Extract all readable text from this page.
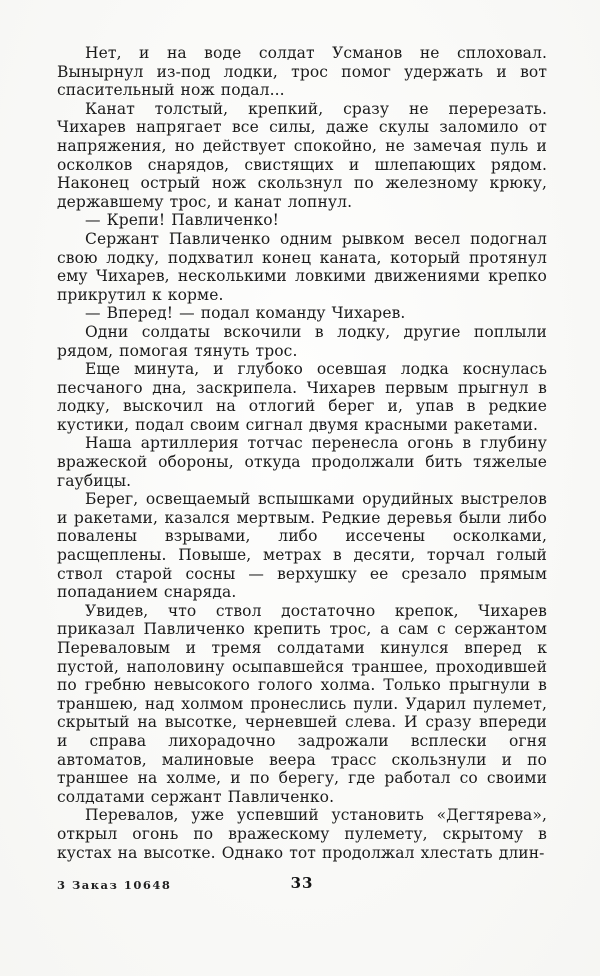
Нет, и на воде солдат Усманов не сплоховал. Вынырнул из-под лодки, трос помог удержать и вот спасительный нож подал...

Канат толстый, крепкий, сразу не перерезать. Чихарев напрягает все силы, даже скулы заломило от напряжения, но действует спокойно, не замечая пуль и осколков снарядов, свистящих и шлепающих рядом. Наконец острый нож скользнул по железному крюку, державшему трос, и канат лопнул.

— Крепи! Павличенко!

Сержант Павличенко одним рывком весел подогнал свою лодку, подхватил конец каната, который протянул ему Чихарев, несколькими ловкими движениями крепко прикрутил к корме.

— Вперед! — подал команду Чихарев.

Одни солдаты вскочили в лодку, другие поплыли рядом, помогая тянуть трос.

Еще минута, и глубоко осевшая лодка коснулась песчаного дна, заскрипела. Чихарев первым прыгнул в лодку, выскочил на отлогий берег и, упав в редкие кустики, подал своим сигнал двумя красными ракетами.

Наша артиллерия тотчас перенесла огонь в глубину вражеской обороны, откуда продолжали бить тяжелые гаубицы.

Берег, освещаемый вспышками орудийных выстрелов и ракетами, казался мертвым. Редкие деревья были либо повалены взрывами, либо иссечены осколками, расщеплены. Повыше, метрах в десяти, торчал голый ствол старой сосны — верхушку ее срезало прямым попаданием снаряда.

Увидев, что ствол достаточно крепок, Чихарев приказал Павличенко крепить трос, а сам с сержантом Переваловым и тремя солдатами кинулся вперед к пустой, наполовину осыпавшейся траншее, проходившей по гребню невысокого голого холма. Только прыгнули в траншею, над холмом пронеслись пули. Ударил пулемет, скрытый на высотке, черневшей слева. И сразу впереди и справа лихорадочно задрожали всплески огня автоматов, малиновые веера трасс скользнули и по траншее на холме, и по берегу, где работал со своими солдатами сержант Павличенко.

Перевалов, уже успевший установить «Дегтярева», открыл огонь по вражескому пулемету, скрытому в кустах на высотке. Однако тот продолжал хлестать длин-

3 Заказ 10648	33
